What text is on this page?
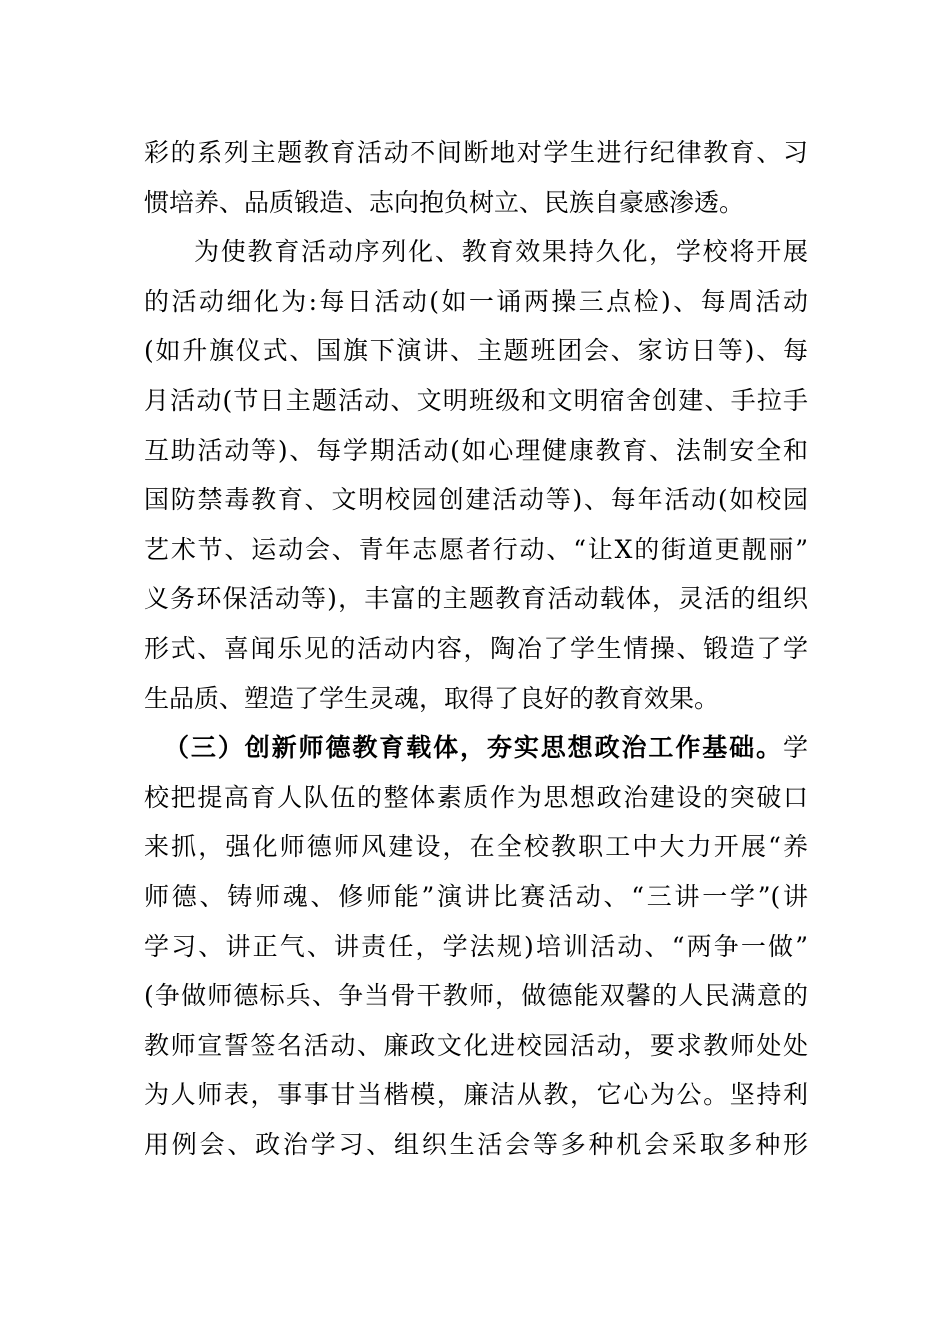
彩的系列主题教育活动不间断地对学生进行纪律教育、习
惯培养、品质锻造、志向抱负树立、民族自豪感渗透。
为使教育活动序列化、教育效果持久化，学校将开展
的活动细化为:每日活动(如一诵两操三点检)、每周活动
(如升旗仪式、国旗下演讲、主题班团会、家访日等)、每
月活动(节日主题活动、文明班级和文明宿舍创建、手拉手
互助活动等)、每学期活动(如心理健康教育、法制安全和
国防禁毒教育、文明校园创建活动等)、每年活动(如校园
艺术节、运动会、青年志愿者行动、“让X的街道更靓丽”
义务环保活动等)，丰富的主题教育活动载体，灵活的组织
形式、喜闻乐见的活动内容，陶冶了学生情操、锻造了学
生品质、塑造了学生灵魂，取得了良好的教育效果。
（三）创新师德教育载体，夯实思想政治工作基础。学
校把提高育人队伍的整体素质作为思想政治建设的突破口
来抓，强化师德师风建设，在全校教职工中大力开展“养
师德、铸师魂、修师能”演讲比赛活动、“三讲一学”(讲
学习、讲正气、讲责任，学法规)培训活动、“两争一做”
(争做师德标兵、争当骨干教师，做德能双馨的人民满意的
教师宣誓签名活动、廉政文化进校园活动，要求教师处处
为人师表，事事甘当楷模，廉洁从教，它心为公。坚持利
用例会、政治学习、组织生活会等多种机会采取多种形
